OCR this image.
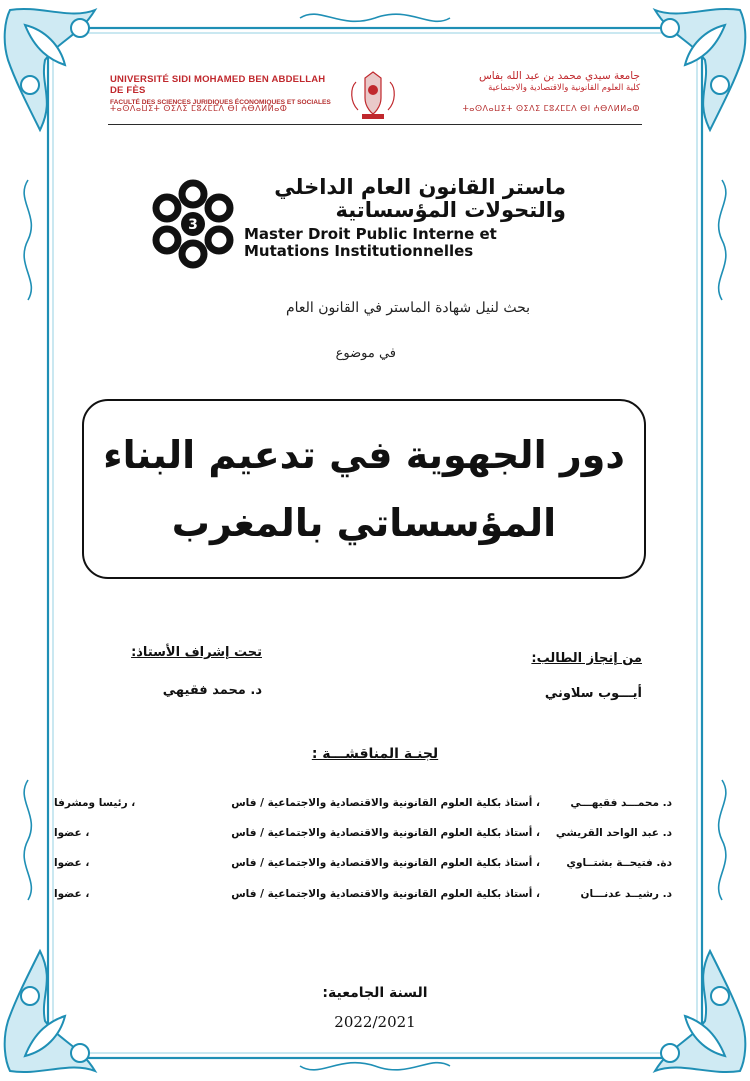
UNIVERSITÉ SIDI MOHAMED BEN ABDELLAH DE FÈS
FACULTÉ DES SCIENCES JURIDIQUES ÉCONOMIQUES ET SOCIALES
جامعة سيدي محمد بن عبد الله بفاس
كلية العلوم القانونية والاقتصادية والاجتماعية
ⵜⴰⵙⴷⴰⵡⵉⵜ ⵙⵉⴷⵉ ⵎⵓⵃⵎⵎⴷ ⴱⵏ ⵄⴱⴷⵍⵍⴰⵀ	ⵜⴰⵙⴷⴰⵡⵉⵜ ⵙⵉⴷⵉ ⵎⵓⵃⵎⵎⴷ ⴱⵏ ⵄⴱⴷⵍⵍⴰⵀ
3
ماستر القانون العام الداخلي
والتحولات المؤسساتية
Master Droit Public Interne et
Mutations Institutionnelles
بحث لنيل شهادة الماستر في القانون العام
في موضوع
دور الجهوية في تدعيم البناء
المؤسساتي بالمغرب
تحت إشراف الأستاذ:
د. محمد فقيهي
من إنجاز الطالب:
أيـــوب سلاوني
لجنـة المناقشـــة :
د. محمـــد فقيهـــي
، أستاذ بكلية العلوم القانونية والاقتصادية والاجتماعية / فاس
، رئيسا ومشرفا
د. عبد الواحد القريشي
، أستاذ بكلية العلوم القانونية والاقتصادية والاجتماعية / فاس
، عضوا
دة. فتيحــة بشتــاوي
، أستاذ بكلية العلوم القانونية والاقتصادية والاجتماعية / فاس
، عضوا
د. رشيــد عدنـــان
، أستاذ بكلية العلوم القانونية والاقتصادية والاجتماعية / فاس
، عضوا
السنة الجامعية:
2022/2021
